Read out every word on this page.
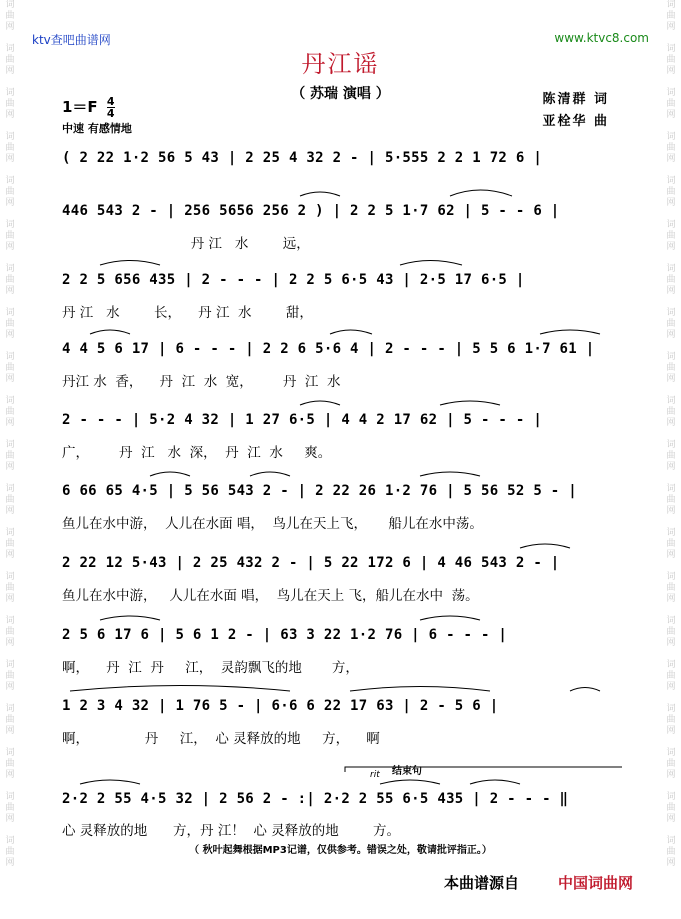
词
曲
网

词
曲
网

词
曲
网

词
曲
网

词
曲
网

词
曲
网

词
曲
网

词
曲
网

词
曲
网

词
曲
网

词
曲
网

词
曲
网

词
曲
网

词
曲
网

词
曲
网

词
曲
网

词
曲
网

词
曲
网

词
曲
网

词
曲
网
词
曲
网

词
曲
网

词
曲
网

词
曲
网

词
曲
网

词
曲
网

词
曲
网

词
曲
网

词
曲
网

词
曲
网

词
曲
网

词
曲
网

词
曲
网

词
曲
网

词
曲
网

词
曲
网

词
曲
网

词
曲
网

词
曲
网

词
曲
网
ktv查吧曲谱网	www.ktvc8.com
丹江谣
（ 苏瑞 演唱 ）
$1=F \frac{4}{4}$
中速 有感情地
陈清群 词
亚栓华 曲
( 2 22 1·2 56 5 43 | 2 25 4 32 2 - | 5·555 2 2 1 72 6 |
446 543 2 - | 256 5656 256 2 ) | 2 2 5 1·7 62 | 5 - - 6 |
丹 江   水        远，
2 2 5 656 435 | 2 - - - | 2 2 5 6·5 43 | 2·5 17 6·5 |
丹 江   水        长，    丹 江  水        甜，
4 4 5 6 17 | 6 - - - | 2 2 6 5·6 4 | 2 - - - | 5 5 6 1·7 61 |
丹江 水  香，    丹  江  水  宽，       丹  江  水
2 - - - | 5·2 4 32 | 1 27 6·5 | 4 4 2 17 62 | 5 - - - |
广，       丹  江   水  深，  丹  江  水     爽。
6 66 65 4·5 | 5 56 543 2 - | 2 22 26 1·2 76 | 5 56 52 5 - |
鱼儿在水中游，  人儿在水面 唱，  鸟儿在天上飞，     船儿在水中荡。
2 22 12 5·43 | 2 25 432 2 - | 5 22 172 6 | 4 46 543 2 - |
鱼儿在水中游，   人儿在水面 唱，  鸟儿在天上 飞，船儿在水中  荡。
2 5 6 17 6 | 5 6 1 2 - | 63 3 22 1·2 76 | 6 - - - |
啊，    丹  江  丹     江，  灵韵飘飞的地       方，
1 2 3 4 32 | 1 76 5 - | 6·6 6 22 17 63 | 2 - 5 6 |
啊，             丹     江，  心 灵释放的地     方，    啊
rit 结束句
2·2 2 55 4·5 32 | 2 56 2 - :| 2·2 2 55 6·5 435 | 2 - - - ‖
心 灵释放的地      方，丹 江！  心 灵释放的地        方。
（ 秋叶起舞根据MP3记谱，仅供参考。错误之处，敬请批评指正。）
本曲谱源自	中国词曲网
